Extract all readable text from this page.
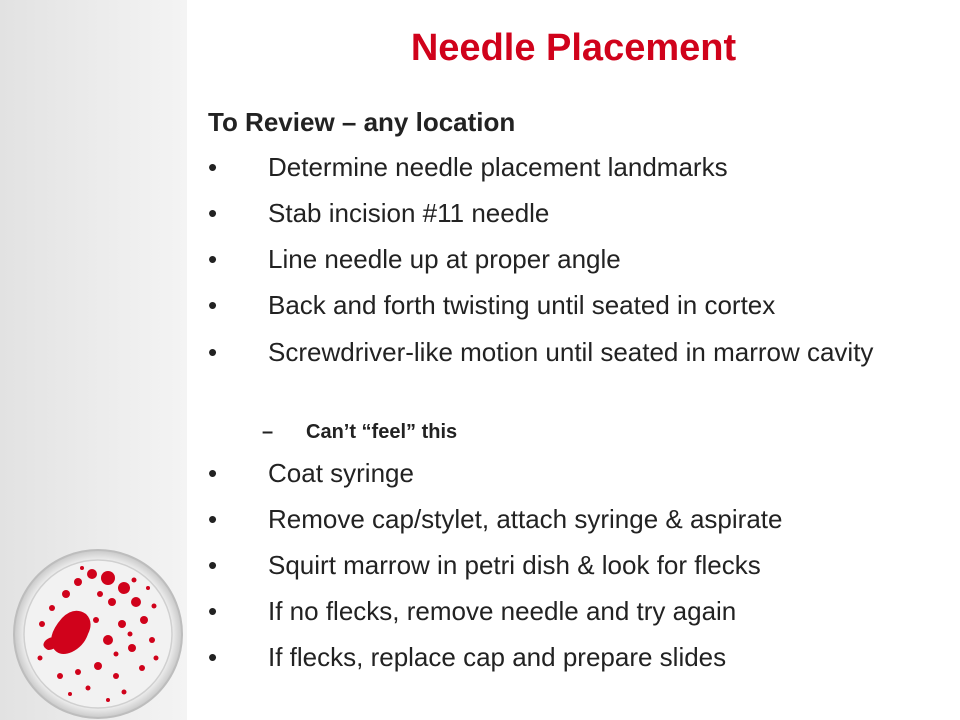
Needle Placement

To Review – any location

•	Determine needle placement landmarks
•	Stab incision #11 needle
•	Line needle up at proper angle
•	Back and forth twisting until seated in cortex
•	Screwdriver-like motion until seated in marrow cavity
– Can’t “feel” this
•	Coat syringe
•	Remove cap/stylet, attach syringe & aspirate
•	Squirt marrow in petri dish & look for flecks
•	If no flecks, remove needle and try again
•	If flecks, replace cap and prepare slides
